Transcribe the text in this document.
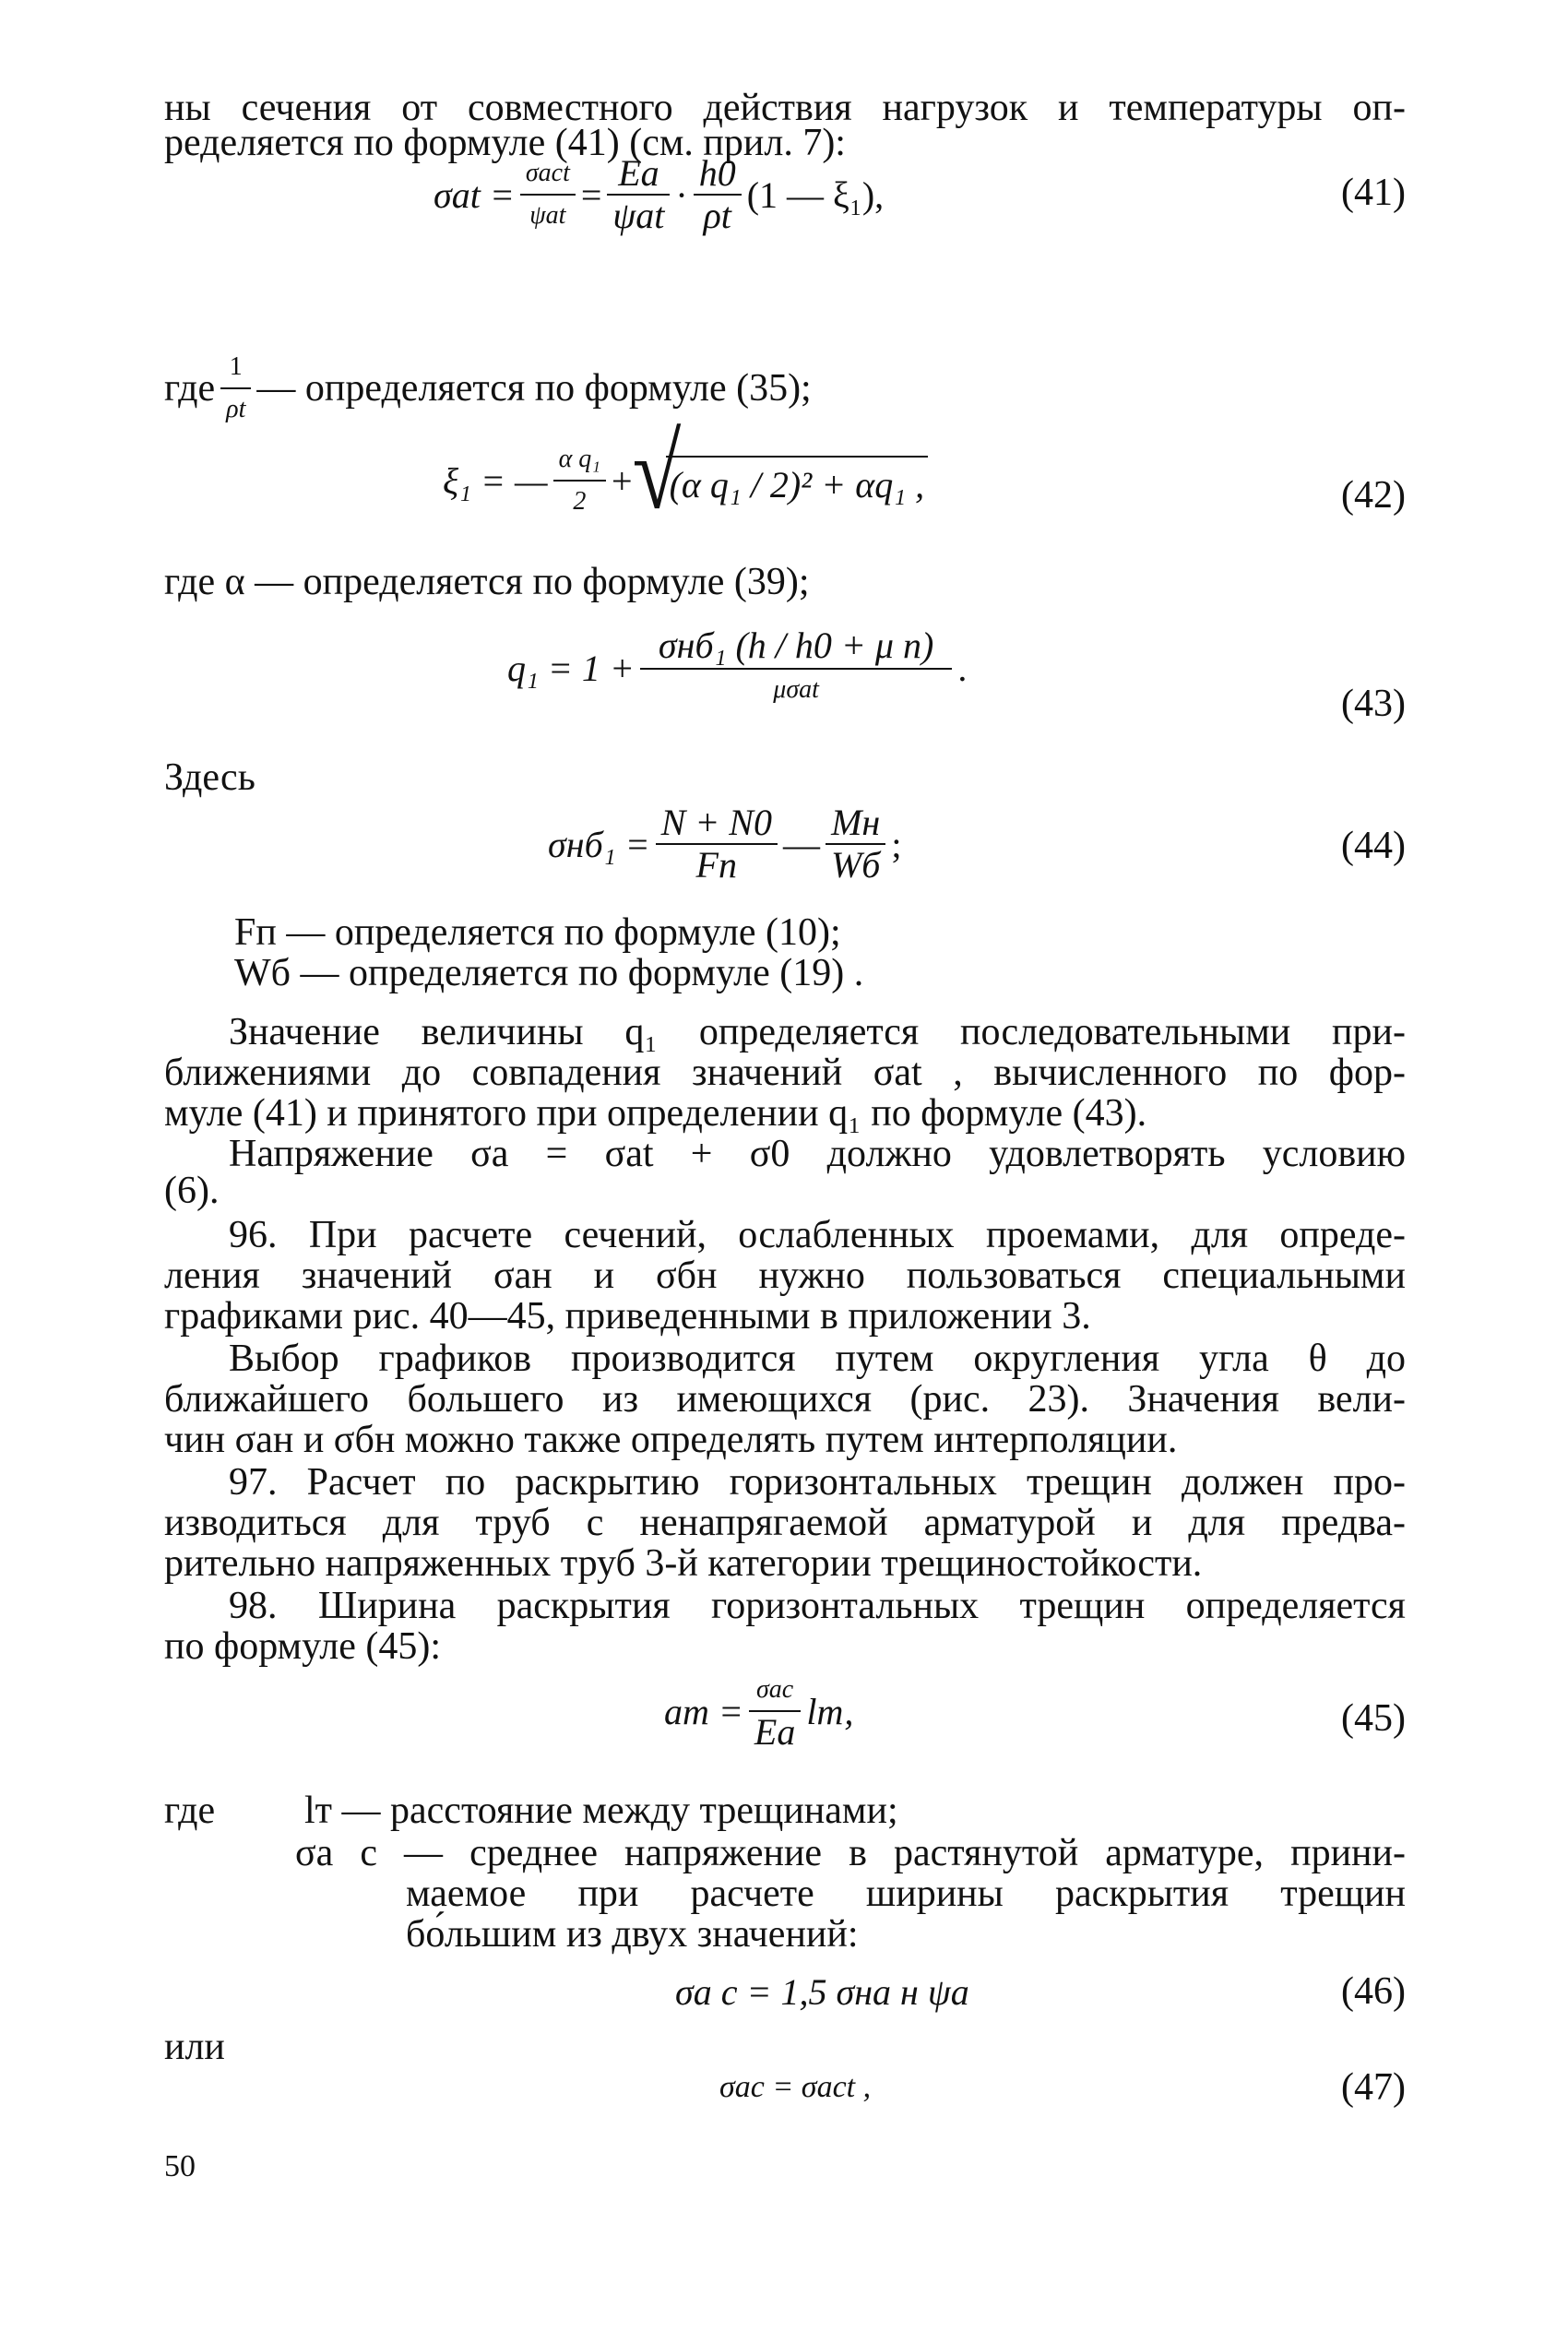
ны сечения от совместного действия нагрузок и температуры оп-
ределяется по формуле (41) (см. прил. 7):
$\sigma at = \frac{\text{σact}}{\text{ψat}} = \frac{Ea}{\text{ψat}} \cdot \frac{h0}{\rho t} (1$ — ξ₁),	(41)
где $\frac{1}{\rho t}$ — определяется по формуле (35);
ξ₁ = — $\frac{\text{α q₁}}{2}$ + √
(α q₁ / 2)² + αq₁ ,	(42)
где α — определяется по формуле (39);
$q_1 = 1 + \frac{\text{σнб₁ (h / h0 + μ n)}}{\text{μσat}}$ .
(43)
Здесь
$\sigma нб_1 = \frac{N + N0}{Fп}$ — $\frac{Mн}{Wб}$ ;	(44)
Fп — определяется по формуле (10);
Wб — определяется по формуле (19) .
Значение величины q₁ определяется последовательными при-
ближениями до совпадения значений σat , вычисленного по фор-
муле (41) и принятого при определении q₁ по формуле (43).
Напряжение σa = σat + σ0 должно удовлетворять условию
(6).
96. При расчете сечений, ослабленных проемами, для опреде-
ления значений σан и σбн нужно пользоваться специальными
графиками рис. 40—45, приведенными в приложении 3.
Выбор графиков производится путем округления угла θ до
ближайшего большего из имеющихся (рис. 23). Значения вели-
чин σан и σбн можно также определять путем интерполяции.
97. Расчет по раскрытию горизонтальных трещин должен про-
изводиться для труб с ненапрягаемой арматурой и для предва-
рительно напряженных труб 3-й категории трещиностойкости.
98. Ширина раскрытия горизонтальных трещин определяется
по формуле (45):
aт = $\frac{\text{σас}}{Ea}$ lт,	(45)
где	lт — расстояние между трещинами;
σа с — среднее напряжение в растянутой арматуре, прини-
маемое при расчете ширины раскрытия трещин
бо́льшим из двух значений:
σа с = 1,5 σна н ψа	(46)
или
σас = σасt ,	(47)
50
